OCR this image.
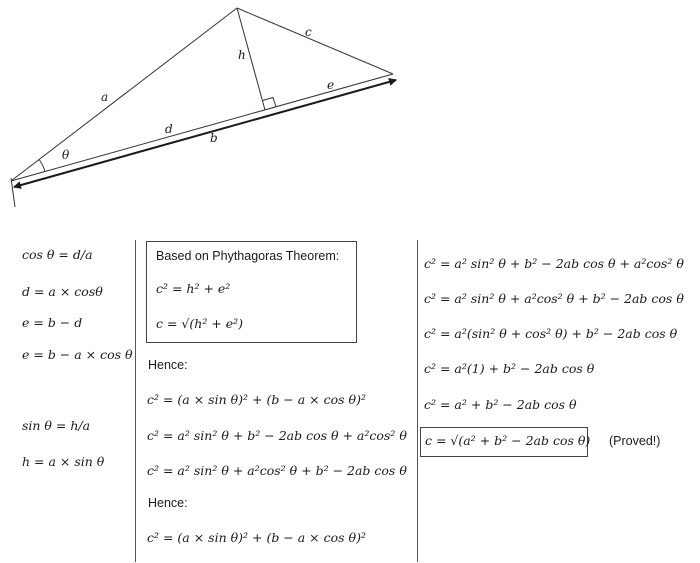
a
c
h
e
d
b
θ
cos θ = d/a
d = a × cosθ
e = b − d
e = b − a × cos θ
sin θ = h/a
h = a × sin θ
Based on Phythagoras Theorem:
c² = h² + e²
c = √(h² + e²)
Hence:
c² = (a × sin θ)² + (b − a × cos θ)²
c² = a² sin² θ + b² − 2ab cos θ + a²cos² θ
c² = a² sin² θ + a²cos² θ + b² − 2ab cos θ
Hence:
c² = (a × sin θ)² + (b − a × cos θ)²
c² = a² sin² θ + b² − 2ab cos θ + a²cos² θ
c² = a² sin² θ + a²cos² θ + b² − 2ab cos θ
c² = a²(sin² θ + cos² θ) + b² − 2ab cos θ
c² = a²(1) + b² − 2ab cos θ
c² = a² + b² − 2ab cos θ
c = √(a² + b² − 2ab cos θ) (Proved!)
